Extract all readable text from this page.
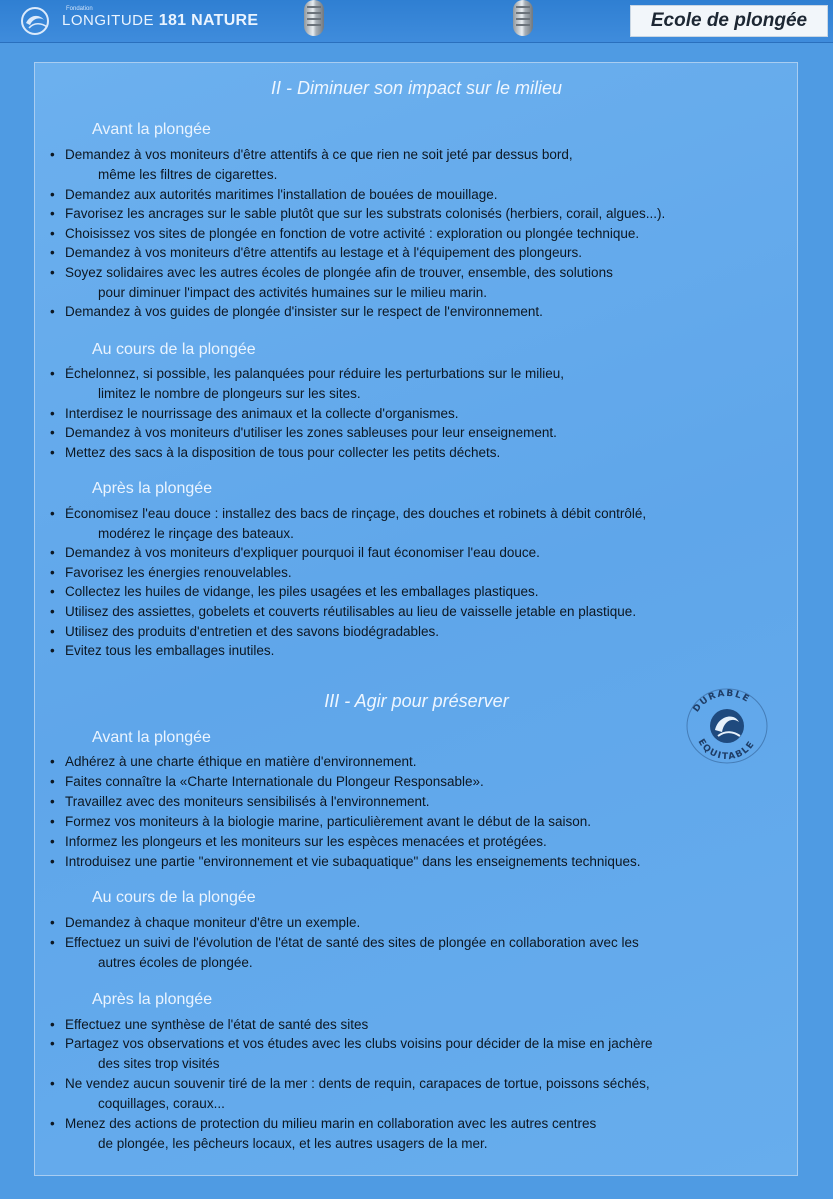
Fondation
LONGITUDE 181 NATURE	Ecole de plongée
DURABLE
EQUITABLE
II - Diminuer son impact sur le milieu
Avant la plongée
• Demandez à vos moniteurs d'être attentifs à ce que rien ne soit jeté par dessus bord,
même les filtres de cigarettes.
• Demandez aux autorités maritimes l'installation de bouées de mouillage.
• Favorisez les ancrages sur le sable plutôt que sur les substrats colonisés (herbiers, corail, algues...).
• Choisissez vos sites de plongée en fonction de votre activité : exploration ou plongée technique.
• Demandez à vos moniteurs d'être attentifs au lestage et à l'équipement des plongeurs.
• Soyez solidaires avec les autres écoles de plongée afin de trouver, ensemble, des solutions
pour diminuer l'impact des activités humaines sur le milieu marin.
• Demandez à vos guides de plongée d'insister sur le respect de l'environnement.
Au cours de la plongée
• Échelonnez, si possible, les palanquées pour réduire les perturbations sur le milieu,
limitez le nombre de plongeurs sur les sites.
• Interdisez le nourrissage des animaux et la collecte d'organismes.
• Demandez à vos moniteurs d'utiliser les zones sableuses pour leur enseignement.
• Mettez des sacs à la disposition de tous pour collecter les petits déchets.
Après la plongée
• Économisez l'eau douce : installez des bacs de rinçage, des douches et robinets à débit contrôlé,
modérez le rinçage des bateaux.
• Demandez à vos moniteurs d'expliquer pourquoi il faut économiser l'eau douce.
• Favorisez les énergies renouvelables.
• Collectez les huiles de vidange, les piles usagées et les emballages plastiques.
• Utilisez des assiettes, gobelets et couverts réutilisables au lieu de vaisselle jetable en plastique.
• Utilisez des produits d'entretien et des savons biodégradables.
• Evitez tous les emballages inutiles.
III - Agir pour préserver
Avant la plongée
• Adhérez à une charte éthique en matière d'environnement.
• Faites connaître la «Charte Internationale du Plongeur Responsable».
• Travaillez avec des moniteurs sensibilisés à l'environnement.
• Formez vos moniteurs à la biologie marine, particulièrement avant le début de la saison.
• Informez les plongeurs et les moniteurs sur les espèces menacées et protégées.
• Introduisez une partie "environnement et vie subaquatique" dans les enseignements techniques.
Au cours de la plongée
• Demandez à chaque moniteur d'être un exemple.
• Effectuez un suivi de l'évolution de l'état de santé des sites de plongée en collaboration avec les
autres écoles de plongée.
Après la plongée
• Effectuez une synthèse de l'état de santé des sites
• Partagez vos observations et vos études avec les clubs voisins pour décider de la mise en jachère
des sites trop visités
• Ne vendez aucun souvenir tiré de la mer : dents de requin, carapaces de tortue, poissons séchés,
coquillages, coraux...
• Menez des actions de protection du milieu marin en collaboration avec les autres centres
de plongée, les pêcheurs locaux, et les autres usagers de la mer.
